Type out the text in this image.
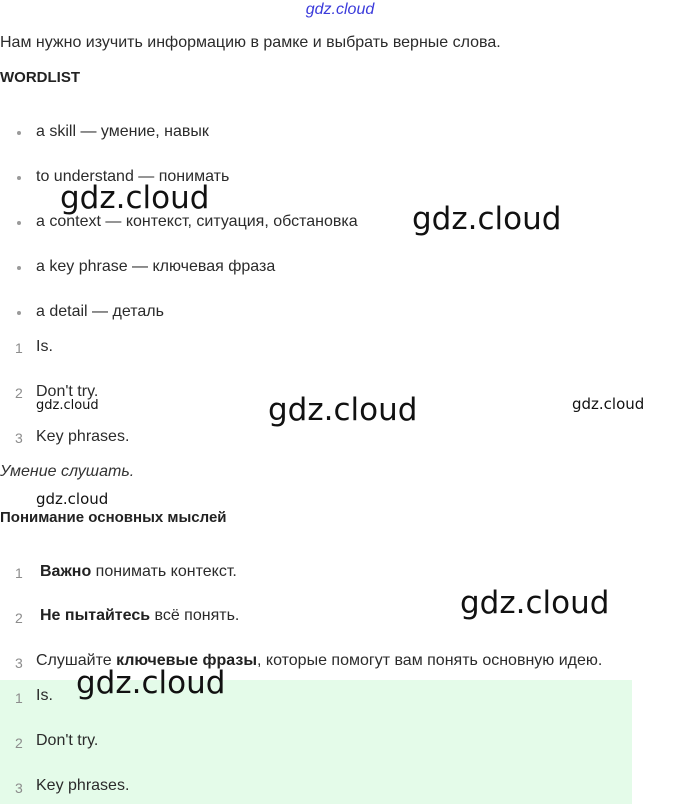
gdz.cloud
Нам нужно изучить информацию в рамке и выбрать верные слова.
WORDLIST
a skill — умение, навык
to understand — понимать
a context — контекст, ситуация, обстановка
a key phrase — ключевая фраза
a detail — деталь
1 Is.
2 Don't try.
3 Key phrases.
Умение слушать.
Понимание основных мыслей
1 Важно понимать контекст.
2 Не пытайтесь всё понять.
3 Слушайте ключевые фразы, которые помогут вам понять основную идею.
1 Is.
2 Don't try.
3 Key phrases.
gdz.cloud
gdz.cloud
gdz.cloud	gdz.cloud	gdz.cloud
gdz.cloud
gdz.cloud
gdz.cloud
